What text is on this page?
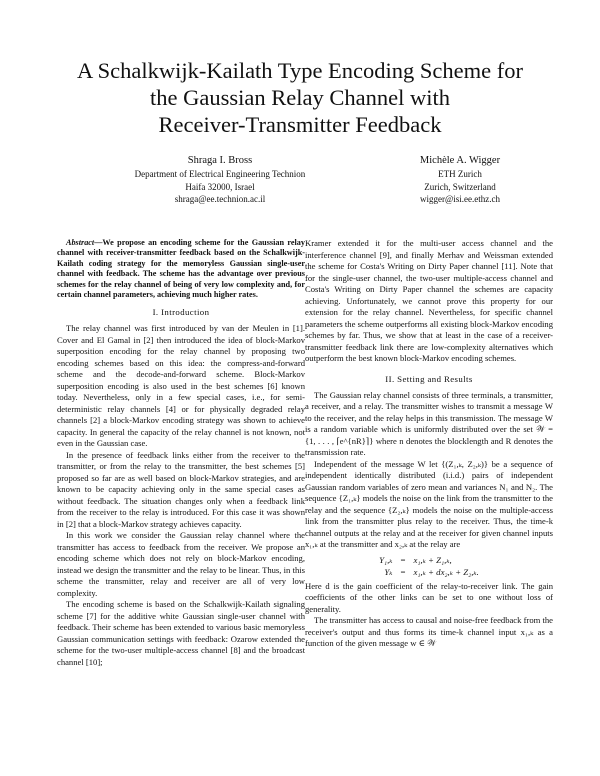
A Schalkwijk-Kailath Type Encoding Scheme for
the Gaussian Relay Channel with
Receiver-Transmitter Feedback
Shraga I. Bross
Department of Electrical Engineering Technion
Haifa 32000, Israel
shraga@ee.technion.ac.il
Michèle A. Wigger
ETH Zurich
Zurich, Switzerland
wigger@isi.ee.ethz.ch

Abstract—We propose an encoding scheme for the Gaussian relay channel with receiver-transmitter feedback based on the Schalkwijk-Kailath coding strategy for the memoryless Gaussian single-user channel with feedback. The scheme has the advantage over previous schemes for the relay channel of being of very low complexity and, for certain channel parameters, achieving much higher rates.

I. Introduction

The relay channel was first introduced by van der Meulen in [1]. Cover and El Gamal in [2] then introduced the idea of block-Markov superposition encoding for the relay channel by proposing two encoding schemes based on this idea: the compress-and-forward scheme and the decode-and-forward scheme. Block-Markov superposition encoding is also used in the best schemes [6] known today. Nevertheless, only in a few special cases, i.e., for semi-deterministic relay channels [4] or for physically degraded relay channels [2] a block-Markov encoding strategy was shown to achieve capacity. In general the capacity of the relay channel is not known, not even in the Gaussian case.

In the presence of feedback links either from the receiver to the transmitter, or from the relay to the transmitter, the best schemes [5] proposed so far are as well based on block-Markov strategies, and are known to be capacity achieving only in the same special cases as without feedback. The situation changes only when a feedback link from the receiver to the relay is introduced. For this case it was shown in [2] that a block-Markov strategy achieves capacity.

In this work we consider the Gaussian relay channel where the transmitter has access to feedback from the receiver. We propose an encoding scheme which does not rely on block-Markov encoding, instead we design the transmitter and the relay to be linear. Thus, in this scheme the transmitter, relay and receiver are all of very low complexity.

The encoding scheme is based on the Schalkwijk-Kailath signaling scheme [7] for the additive white Gaussian single-user channel with feedback. Their scheme has been extended to various basic memoryless Gaussian communication settings with feedback: Ozarow extended the scheme for the two-user multiple-access channel [8] and the broadcast channel [10];

Kramer extended it for the multi-user access channel and the interference channel [9], and finally Merhav and Weissman extended the scheme for Costa's Writing on Dirty Paper channel [11]. Note that for the single-user channel, the two-user multiple-access channel and Costa's Writing on Dirty Paper channel the schemes are capacity achieving. Unfortunately, we cannot prove this property for our extension for the relay channel. Nevertheless, for specific channel parameters the scheme outperforms all existing block-Markov encoding schemes by far. Thus, we show that at least in the case of a receiver-transmitter feedback link there are low-complexity alternatives which outperform the best known block-Markov encoding schemes.

II. Setting and Results

The Gaussian relay channel consists of three terminals, a transmitter, a receiver, and a relay. The transmitter wishes to transmit a message W to the receiver, and the relay helps in this transmission. The message W is a random variable which is uniformly distributed over the set 𝒲 = {1, . . . , ⌈e^{nR}⌉} where n denotes the blocklength and R denotes the transmission rate.

Independent of the message W let {(Z₁,ₖ, Z₂,ₖ)} be a sequence of independent identically distributed (i.i.d.) pairs of independent Gaussian random variables of zero mean and variances N₁ and N₂. The sequence {Z₁,ₖ} models the noise on the link from the transmitter to the relay and the sequence {Z₂,ₖ} models the noise on the multiple-access link from the transmitter plus relay to the receiver. Thus, the time-k channel outputs at the relay and at the receiver for given channel inputs x₁,ₖ at the transmitter and x₂,ₖ at the relay are

Y₁,ₖ	=	x₁,ₖ + Z₁,ₖ,
Yₖ	=	x₁,ₖ + dx₂,ₖ + Z₂,ₖ.

Here d is the gain coefficient of the relay-to-receiver link. The gain coefficients of the other links can be set to one without loss of generality.

The transmitter has access to causal and noise-free feedback from the receiver's output and thus forms its time-k channel input x₁,ₖ as a function of the given message w ∈ 𝒲
